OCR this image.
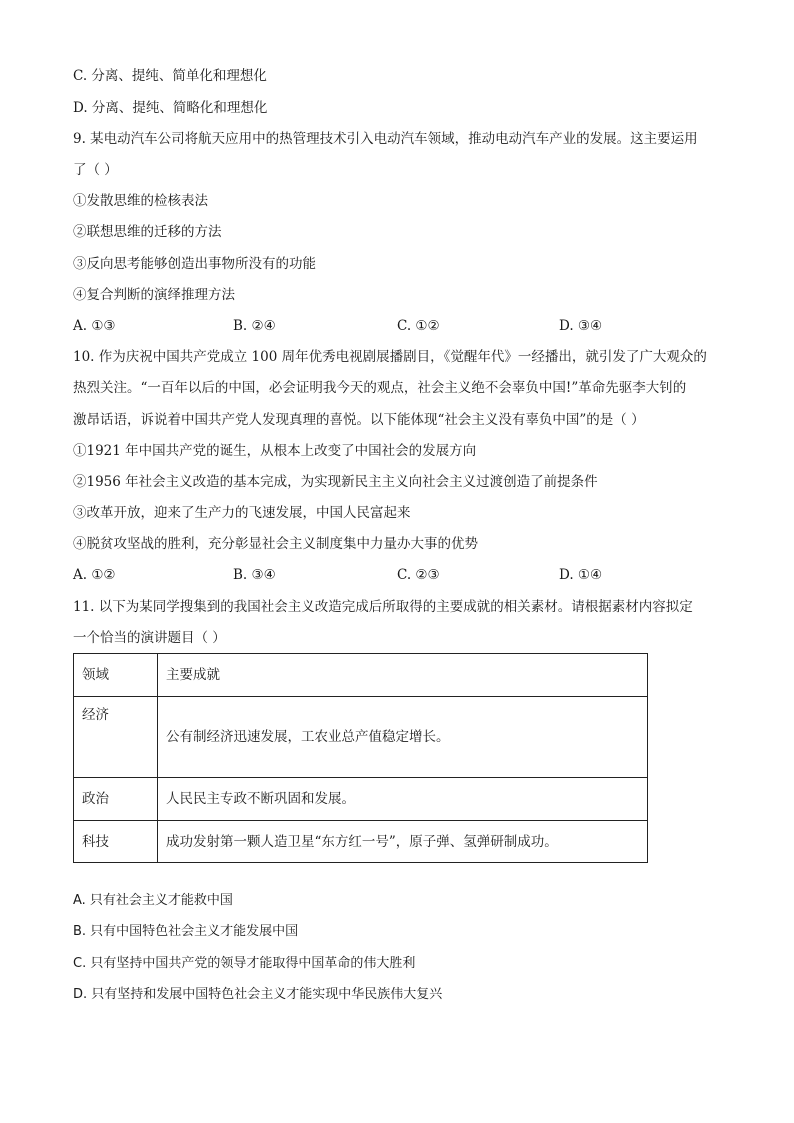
C. 分离、提纯、简单化和理想化
D. 分离、提纯、简略化和理想化
9. 某电动汽车公司将航天应用中的热管理技术引入电动汽车领域，推动电动汽车产业的发展。这主要运用
了（ ）
①发散思维的检核表法
②联想思维的迁移的方法
③反向思考能够创造出事物所没有的功能
④复合判断的演绎推理方法
A. ①③	B. ②④	C. ①②	D. ③④
10. 作为庆祝中国共产党成立 100 周年优秀电视剧展播剧目，《觉醒年代》一经播出，就引发了广大观众的
热烈关注。“一百年以后的中国，必会证明我今天的观点，社会主义绝不会辜负中国!”革命先驱李大钊的
激昂话语，诉说着中国共产党人发现真理的喜悦。以下能体现“社会主义没有辜负中国”的是（ ）
①1921 年中国共产党的诞生，从根本上改变了中国社会的发展方向
②1956 年社会主义改造的基本完成，为实现新民主主义向社会主义过渡创造了前提条件
③改革开放，迎来了生产力的飞速发展，中国人民富起来
④脱贫攻坚战的胜利，充分彰显社会主义制度集中力量办大事的优势
A. ①②	B. ③④	C. ②③	D. ①④
11. 以下为某同学搜集到的我国社会主义改造完成后所取得的主要成就的相关素材。请根据素材内容拟定
一个恰当的演讲题目（ ）
领域	主要成就
经济	公有制经济迅速发展，工农业总产值稳定增长。
政治	人民民主专政不断巩固和发展。
科技	成功发射第一颗人造卫星“东方红一号”，原子弹、氢弹研制成功。
A. 只有社会主义才能救中国
B. 只有中国特色社会主义才能发展中国
C. 只有坚持中国共产党的领导才能取得中国革命的伟大胜利
D. 只有坚持和发展中国特色社会主义才能实现中华民族伟大复兴
